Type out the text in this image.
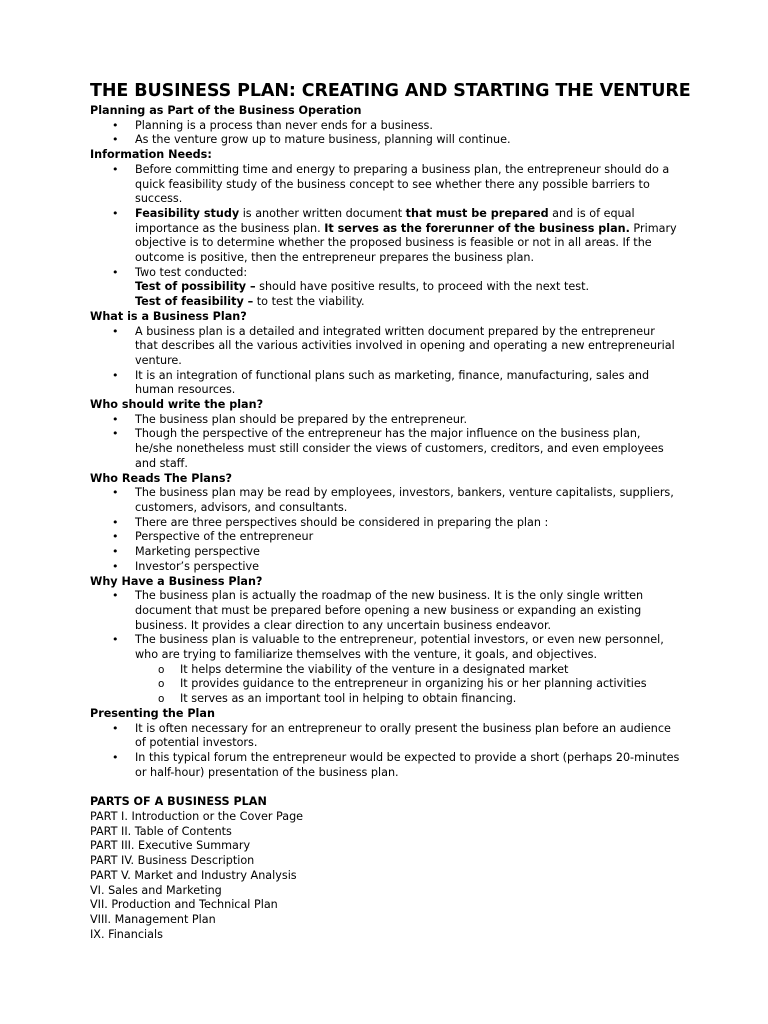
THE BUSINESS PLAN: CREATING AND STARTING THE VENTURE

Planning as Part of the Business Operation

• Planning is a process than never ends for a business.
• As the venture grow up to mature business, planning will continue.

Information Needs:

• Before committing time and energy to preparing a business plan, the entrepreneur should do a quick feasibility study of the business concept to see whether there any possible barriers to success.
• Feasibility study is another written document that must be prepared and is of equal importance as the business plan. It serves as the forerunner of the business plan. Primary objective is to determine whether the proposed business is feasible or not in all areas. If the outcome is positive, then the entrepreneur prepares the business plan.
• Two test conducted:
Test of possibility – should have positive results, to proceed with the next test.
Test of feasibility – to test the viability.

What is a Business Plan?

• A business plan is a detailed and integrated written document prepared by the entrepreneur that describes all the various activities involved in opening and operating a new entrepreneurial venture.
• It is an integration of functional plans such as marketing, finance, manufacturing, sales and human resources.

Who should write the plan?

• The business plan should be prepared by the entrepreneur.
• Though the perspective of the entrepreneur has the major influence on the business plan, he/she nonetheless must still consider the views of customers, creditors, and even employees and staff.

Who Reads The Plans?

• The business plan may be read by employees, investors, bankers, venture capitalists, suppliers, customers, advisors, and consultants.
• There are three perspectives should be considered in preparing the plan :
• Perspective of the entrepreneur
• Marketing perspective
• Investor’s perspective

Why Have a Business Plan?

• The business plan is actually the roadmap of the new business. It is the only single written document that must be prepared before opening a new business or expanding an existing business. It provides a clear direction to any uncertain business endeavor.
• The business plan is valuable to the entrepreneur, potential investors, or even new personnel, who are trying to familiarize themselves with the venture, it goals, and objectives.
o It helps determine the viability of the venture in a designated market
o It provides guidance to the entrepreneur in organizing his or her planning activities
o It serves as an important tool in helping to obtain financing.

Presenting the Plan

• It is often necessary for an entrepreneur to orally present the business plan before an audience of potential investors.
• In this typical forum the entrepreneur would be expected to provide a short (perhaps 20-minutes or half-hour) presentation of the business plan.

PARTS OF A BUSINESS PLAN

PART I. Introduction or the Cover Page

PART II. Table of Contents

PART III. Executive Summary

PART IV. Business Description

PART V. Market and Industry Analysis

VI. Sales and Marketing

VII. Production and Technical Plan

VIII. Management Plan

IX. Financials
